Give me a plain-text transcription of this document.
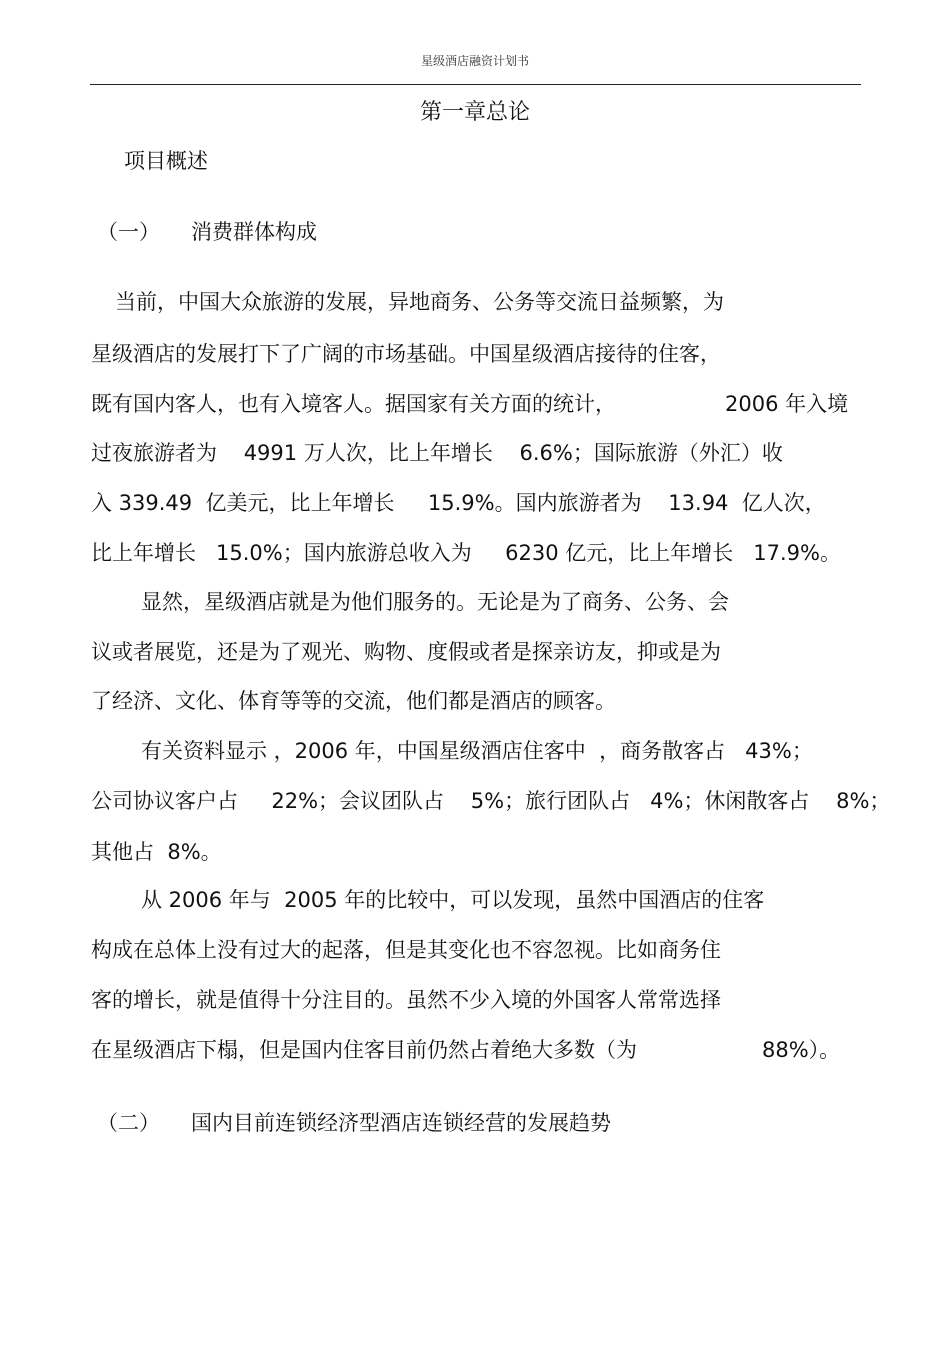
星级酒店融资计划书
第一章总论
项目概述
（一） 消费群体构成
当前，中国大众旅游的发展，异地商务、公务等交流日益频繁，为
星级酒店的发展打下了广阔的市场基础。中国星级酒店接待的住客，
既有国内客人，也有入境客人。据国家有关方面的统计，	2006 年入境
过夜旅游者为    4991 万人次，比上年增长    6.6%；国际旅游（外汇）收
入 339.49  亿美元，比上年增长     15.9%。国内旅游者为    13.94  亿人次，
比上年增长   15.0%；国内旅游总收入为     6230 亿元，比上年增长   17.9%。
显然，星级酒店就是为他们服务的。无论是为了商务、公务、会
议或者展览，还是为了观光、购物、度假或者是探亲访友，抑或是为
了经济、文化、体育等等的交流，他们都是酒店的顾客。
有关资料显示 ，2006 年，中国星级酒店住客中  ，商务散客占   43%；
公司协议客户占     22%；会议团队占    5%；旅行团队占   4%；休闲散客占    8%；
其他占  8%。
从 2006 年与  2005 年的比较中，可以发现，虽然中国酒店的住客
构成在总体上没有过大的起落，但是其变化也不容忽视。比如商务住
客的增长，就是值得十分注目的。虽然不少入境的外国客人常常选择
在星级酒店下榻，但是国内住客目前仍然占着绝大多数（为	88%）。
（二） 国内目前连锁经济型酒店连锁经营的发展趋势
